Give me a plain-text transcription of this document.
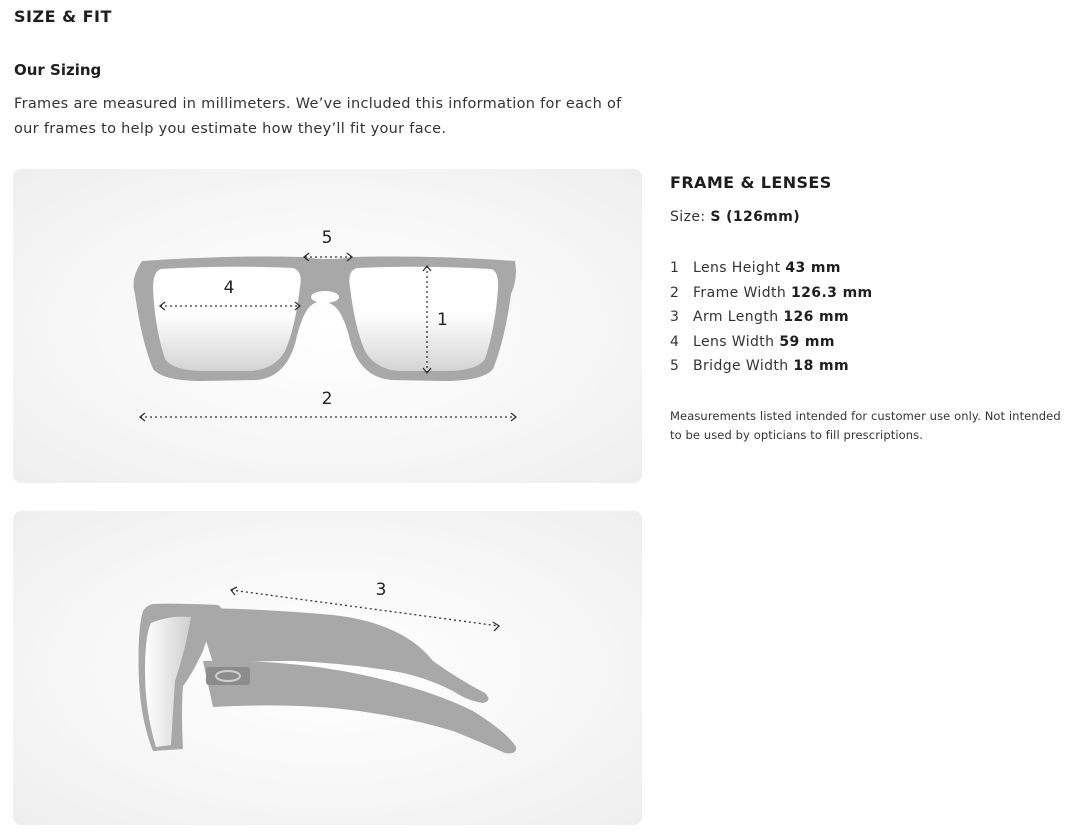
SIZE & FIT
Our Sizing

Frames are measured in millimeters. We’ve included this information for each of our frames to help you estimate how they’ll fit your face.

5
4
1
2
3
FRAME & LENSES
Size: S (126mm)
1 Lens Height 43 mm
2 Frame Width 126.3 mm
3 Arm Length 126 mm
4 Lens Width 59 mm
5 Bridge Width 18 mm

Measurements listed intended for customer use only. Not intended to be used by opticians to fill prescriptions.
